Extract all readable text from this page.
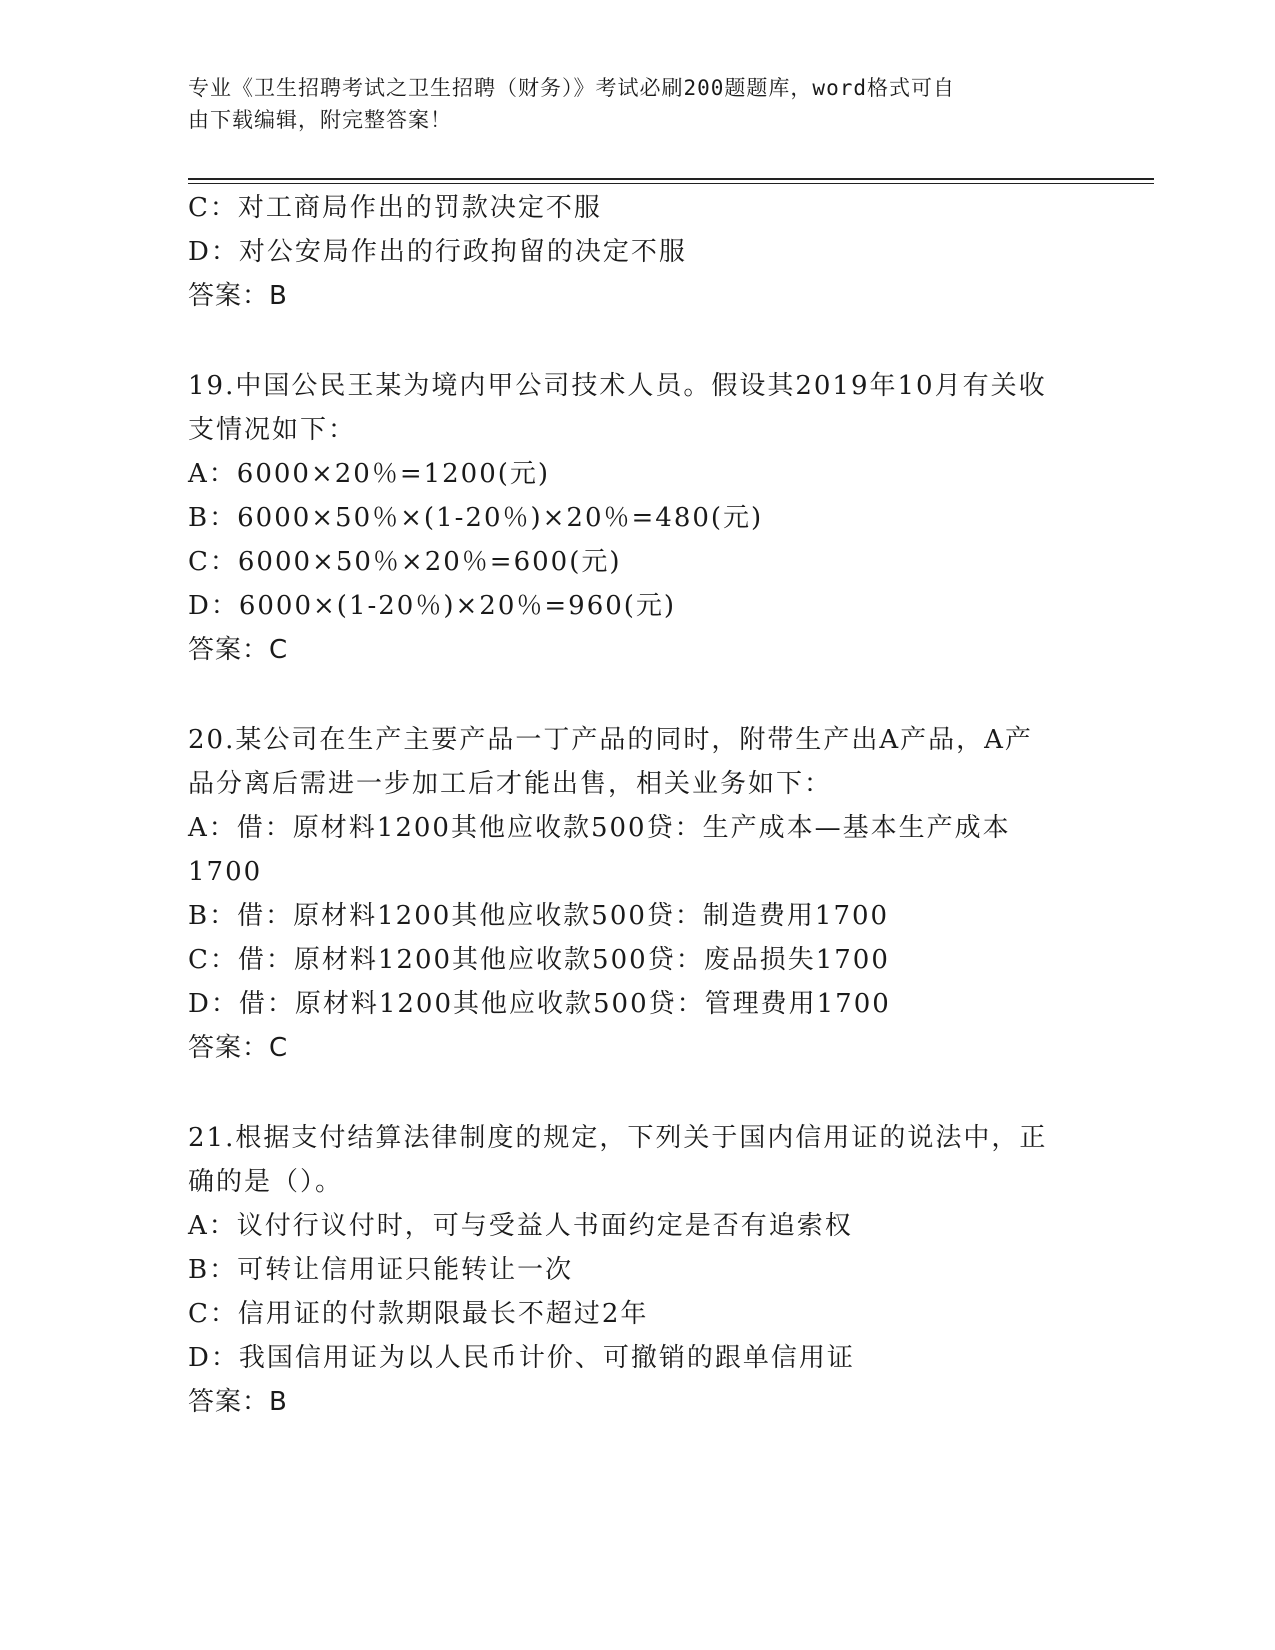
专业《卫生招聘考试之卫生招聘（财务）》考试必刷200题题库，word格式可自
由下载编辑，附完整答案！
C：对工商局作出的罚款决定不服
D：对公安局作出的行政拘留的决定不服
答案：B
19.中国公民王某为境内甲公司技术人员。假设其2019年10月有关收
支情况如下：
A：6000×20％=1200(元)
B：6000×50％×(1-20％)×20％=480(元)
C：6000×50％×20％=600(元)
D：6000×(1-20％)×20％=960(元)
答案：C
20.某公司在生产主要产品一丁产品的同时，附带生产出A产品，A产
品分离后需进一步加工后才能出售，相关业务如下：
A：借：原材料1200其他应收款500贷：生产成本—基本生产成本
1700
B：借：原材料1200其他应收款500贷：制造费用1700
C：借：原材料1200其他应收款500贷：废品损失1700
D：借：原材料1200其他应收款500贷：管理费用1700
答案：C
21.根据支付结算法律制度的规定，下列关于国内信用证的说法中，正
确的是（）。
A：议付行议付时，可与受益人书面约定是否有追索权
B：可转让信用证只能转让一次
C：信用证的付款期限最长不超过2年
D：我国信用证为以人民币计价、可撤销的跟单信用证
答案：B
